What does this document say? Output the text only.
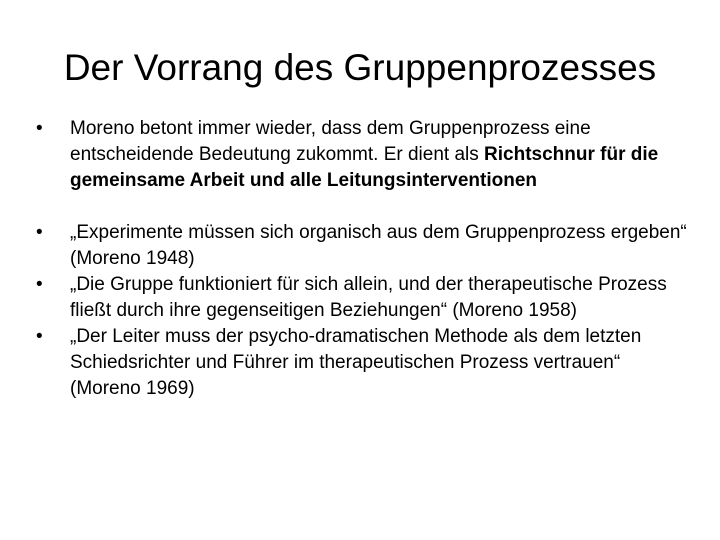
Der Vorrang des Gruppenprozesses
•	Moreno betont immer wieder, dass dem Gruppenprozess eine entscheidende Bedeutung zukommt. Er dient als Richtschnur für die gemeinsame Arbeit und alle Leitungsinterventionen
•	„Experimente müssen sich organisch aus dem Gruppenprozess ergeben“ (Moreno 1948)
•	„Die Gruppe funktioniert für sich allein, und der therapeutische Prozess fließt durch ihre gegenseitigen Beziehungen“ (Moreno 1958)
•	„Der Leiter muss der psycho-dramatischen Methode als dem letzten Schiedsrichter und Führer im therapeutischen Prozess vertrauen“ (Moreno 1969)
